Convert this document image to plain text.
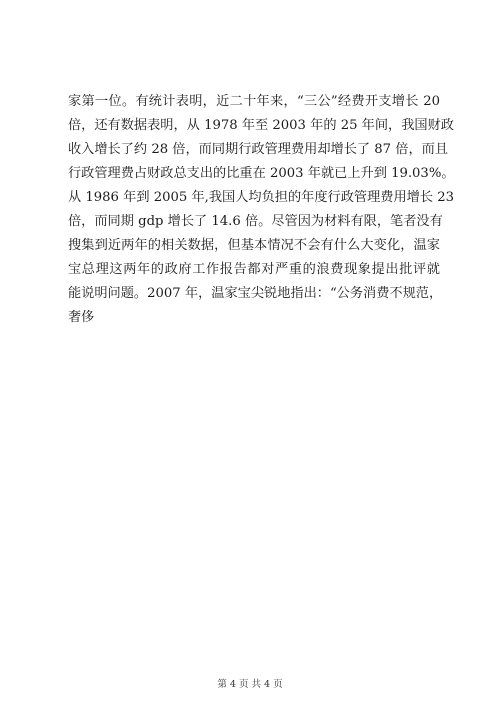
家第一位。有统计表明，近二十年来，“三公”经费开支增长 20
倍，还有数据表明，从 1978 年至 2003 年的 25 年间，我国财政
收入增长了约 28 倍，而同期行政管理费用却增长了 87 倍，而且
行政管理费占财政总支出的比重在 2003 年就已上升到 19.03%。
从 1986 年到 2005 年,我国人均负担的年度行政管理费用增长 23
倍，而同期 gdp 增长了 14.6 倍。尽管因为材料有限，笔者没有
搜集到近两年的相关数据，但基本情况不会有什么大变化，温家
宝总理这两年的政府工作报告都对严重的浪费现象提出批评就
能说明问题。2007 年，温家宝尖锐地指出：“公务消费不规范，
奢侈
第 4 页 共 4 页
